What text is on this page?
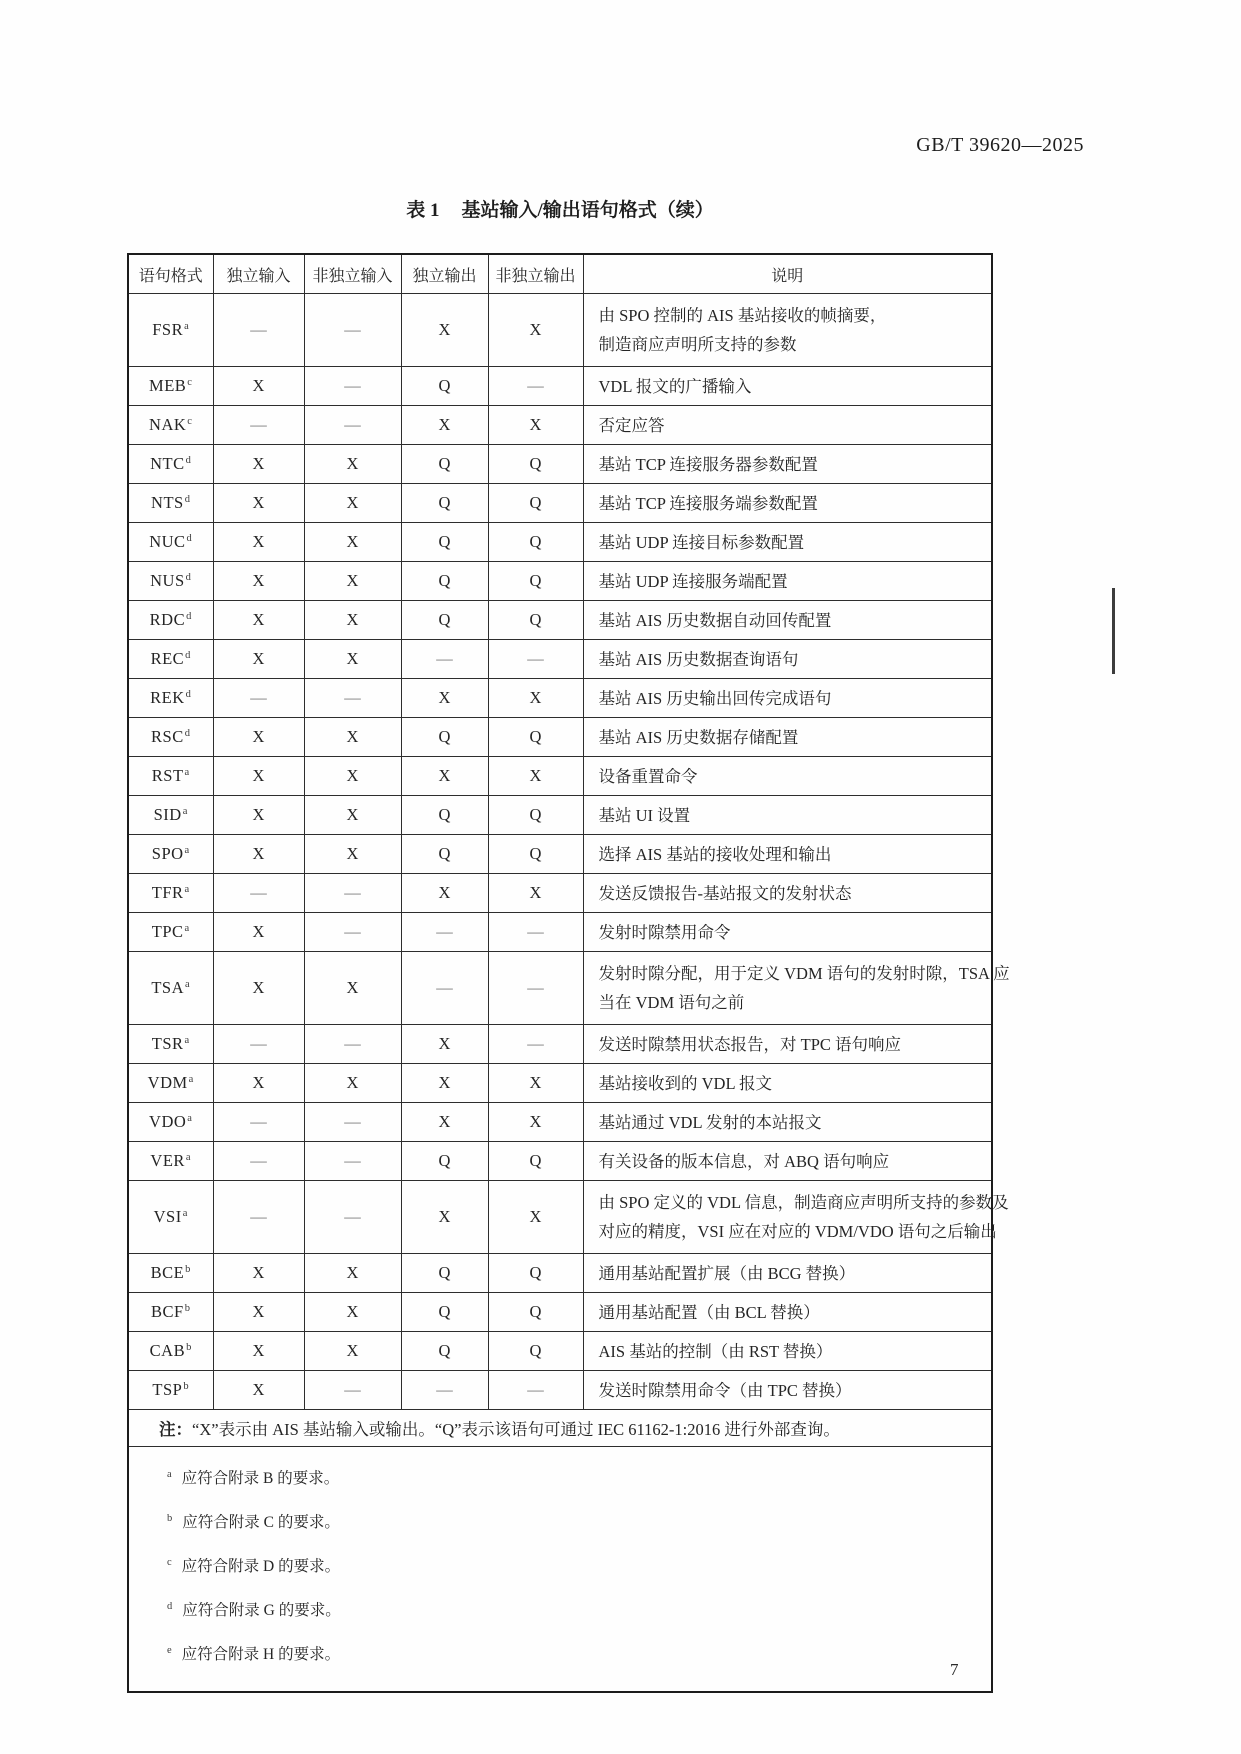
GB/T 39620—2025
表 1 基站输入/输出语句格式（续）
语句格式	独立输入	非独立输入	独立输出	非独立输出	说明
FSR$^a$	—	—	X	X	由 SPO 控制的 AIS 基站接收的帧摘要，
制造商应声明所支持的参数

MEB$^c$	X	—	Q	—	VDL 报文的广播输入

NAK$^c$	—	—	X	X	否定应答

NTC$^d$	X	X	Q	Q	基站 TCP 连接服务器参数配置

NTS$^d$	X	X	Q	Q	基站 TCP 连接服务端参数配置

NUC$^d$	X	X	Q	Q	基站 UDP 连接目标参数配置

NUS$^d$	X	X	Q	Q	基站 UDP 连接服务端配置

RDC$^d$	X	X	Q	Q	基站 AIS 历史数据自动回传配置

REC$^d$	X	X	—	—	基站 AIS 历史数据查询语句

REK$^d$	—	—	X	X	基站 AIS 历史输出回传完成语句

RSC$^d$	X	X	Q	Q	基站 AIS 历史数据存储配置

RST$^a$	X	X	X	X	设备重置命令

SID$^a$	X	X	Q	Q	基站 UI 设置

SPO$^a$	X	X	Q	Q	选择 AIS 基站的接收处理和输出

TFR$^a$	—	—	X	X	发送反馈报告-基站报文的发射状态

TPC$^a$	X	—	—	—	发射时隙禁用命令

TSA$^a$	X	X	—	—	发射时隙分配，用于定义 VDM 语句的发射时隙，TSA 应
当在 VDM 语句之前

TSR$^a$	—	—	X	—	发送时隙禁用状态报告，对 TPC 语句响应

VDM$^a$	X	X	X	X	基站接收到的 VDL 报文

VDO$^a$	—	—	X	X	基站通过 VDL 发射的本站报文

VER$^a$	—	—	Q	Q	有关设备的版本信息，对 ABQ 语句响应

VSI$^a$	—	—	X	X	由 SPO 定义的 VDL 信息，制造商应声明所支持的参数及
对应的精度，VSI 应在对应的 VDM/VDO 语句之后输出

BCE$^b$	X	X	Q	Q	通用基站配置扩展（由 BCG 替换）

BCF$^b$	X	X	Q	Q	通用基站配置（由 BCL 替换）

CAB$^b$	X	X	Q	Q	AIS 基站的控制（由 RST 替换）

TSP$^b$	X	—	—	—	发送时隙禁用命令（由 TPC 替换）

注：“X”表示由 AIS 基站输入或输出。“Q”表示该语句可通过 IEC 61162-1:2016 进行外部查询。					

$^a$ 应符合附录 B 的要求。
$^b$ 应符合附录 C 的要求。
$^c$ 应符合附录 D 的要求。
$^d$ 应符合附录 G 的要求。
$^e$ 应符合附录 H 的要求。					
7
